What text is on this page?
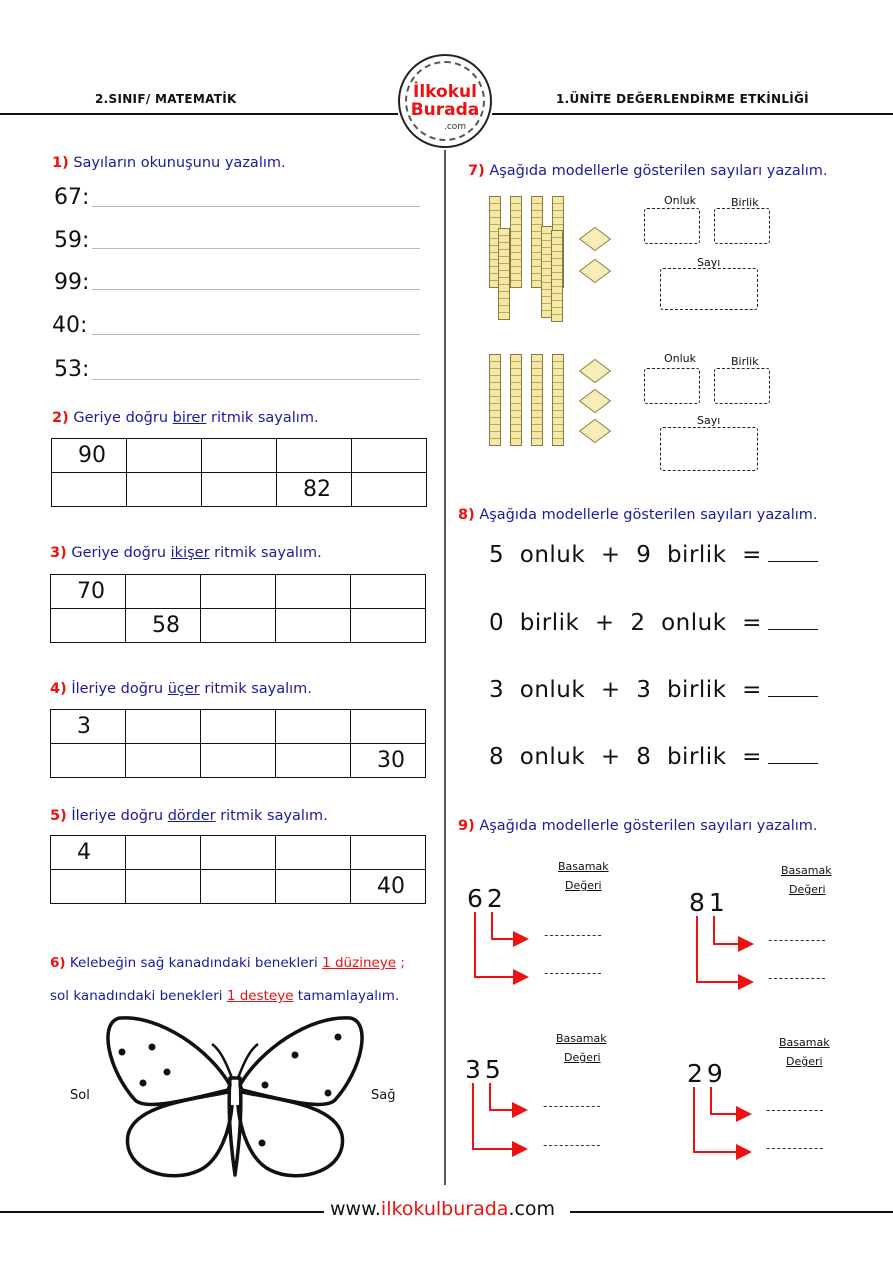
2.SINIF/ MATEMATİK	1.ÜNİTE DEĞERLENDİRME ETKİNLİĞİ
İlkokul
Burada
.com
1) Sayıların okunuşunu yazalım.
67:
59:
99:
40:
53:
2) Geriye doğru birer ritmik sayalım.
90				
			82	
3) Geriye doğru ikişer ritmik sayalım.
70				
	58			
4) İleriye doğru üçer ritmik sayalım.
3				
				30
5) İleriye doğru dörder ritmik sayalım.
4				
				40
6) Kelebeğin sağ kanadındaki benekleri 1 düzineye ;
sol kanadındaki benekleri 1 desteye tamamlayalım.
Sol	Sağ
7) Aşağıda modellerle gösterilen sayıları yazalım.
Onluk	Birlik
Sayı
Onluk	Birlik
Sayı
8) Aşağıda modellerle gösterilen sayıları yazalım.
5  onluk  +  9  birlik  =
0  birlik  +  2  onluk  =
3  onluk  +  3  birlik  =
8  onluk  +  8  birlik  =
9) Aşağıda modellerle gösterilen sayıları yazalım.
62
Basamak
Değeri
-----------
-----------
81
Basamak
Değeri
-----------
-----------
35
Basamak
Değeri
-----------
-----------
29
Basamak
Değeri
-----------
-----------
www.ilkokulburada.com
